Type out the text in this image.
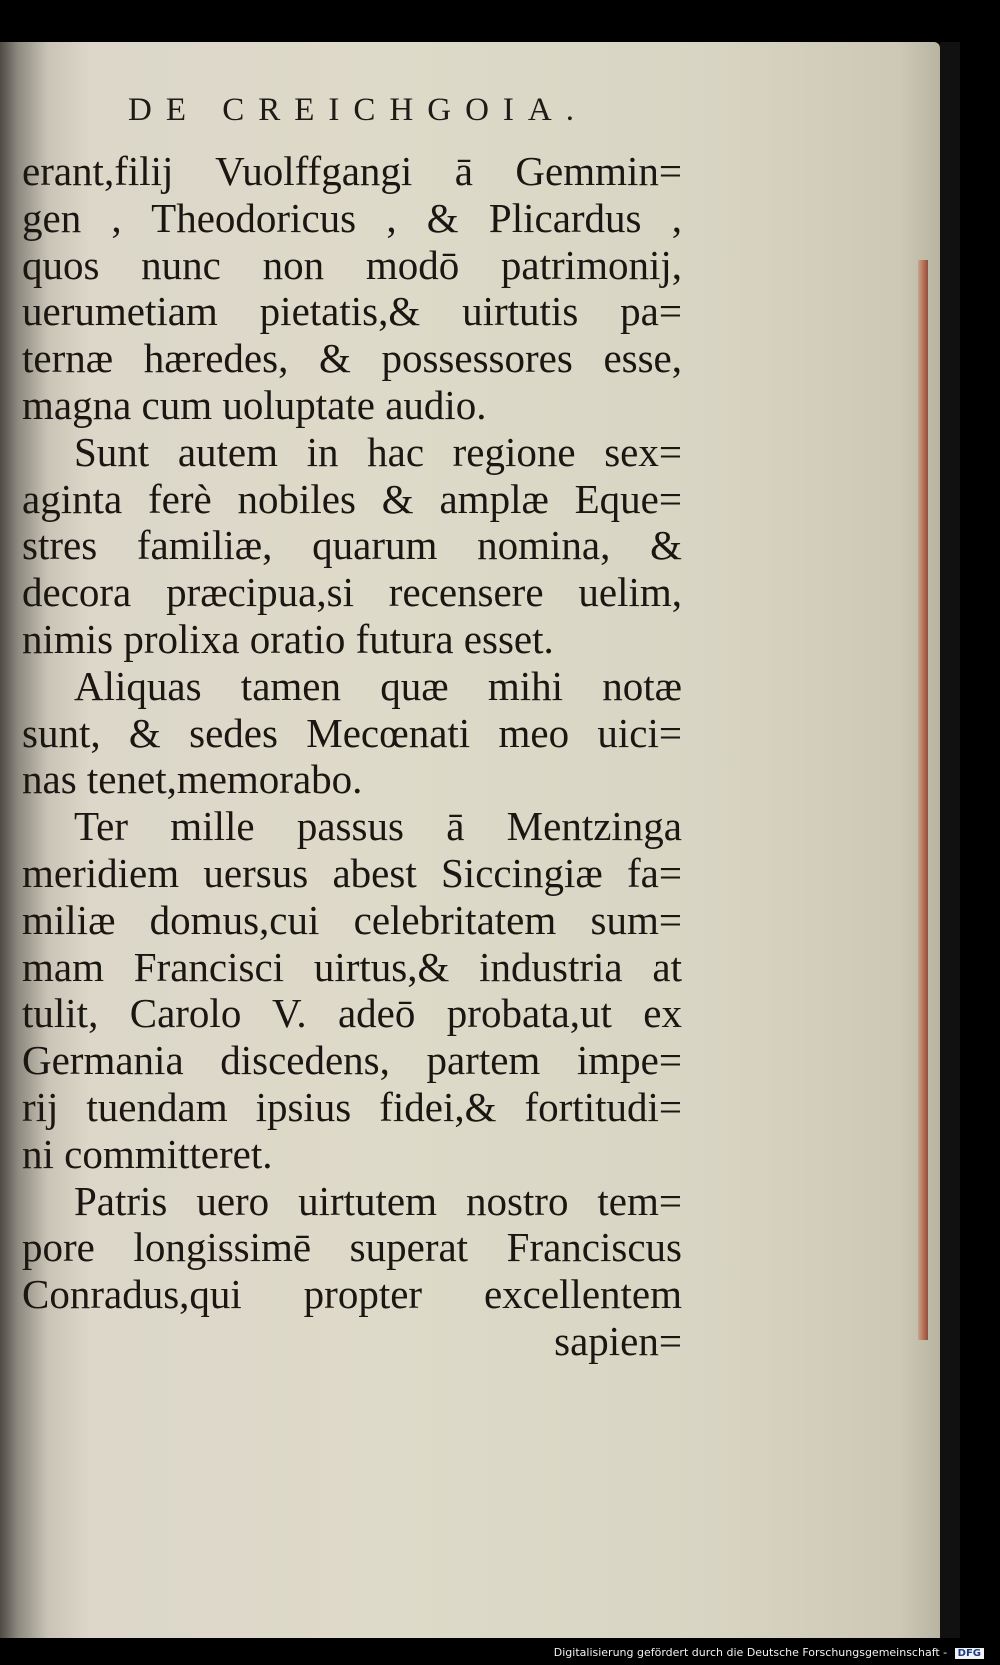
DE CREICHGOIA.
erant,filij Vuolffgangi ā Gemmin=
gen , Theodoricus , & Plicardus ,
quos nunc non modō patrimonij,
uerumetiam pietatis,& uirtutis pa=
ternæ hæredes, & possessores esse,
magna cum uoluptate audio.
Sunt autem in hac regione sex=
aginta ferè nobiles & amplæ Eque=
stres familiæ, quarum nomina, &
decora præcipua,si recensere uelim,
nimis prolixa oratio futura esset.
Aliquas tamen quæ mihi notæ
sunt, & sedes Mecœnati meo uici=
nas tenet,memorabo.
Ter mille passus ā Mentzinga
meridiem uersus abest Siccingiæ fa=
miliæ domus,cui celebritatem sum=
mam Francisci uirtus,& industria at
tulit, Carolo V. adeō probata,ut ex
Germania discedens, partem impe=
rij tuendam ipsius fidei,& fortitudi=
ni committeret.
Patris uero uirtutem nostro tem=
pore longissimē superat Franciscus
Conradus,qui propter excellentem
sapien=
Digitalisierung gefördert durch die Deutsche Forschungsgemeinschaft - DFG
